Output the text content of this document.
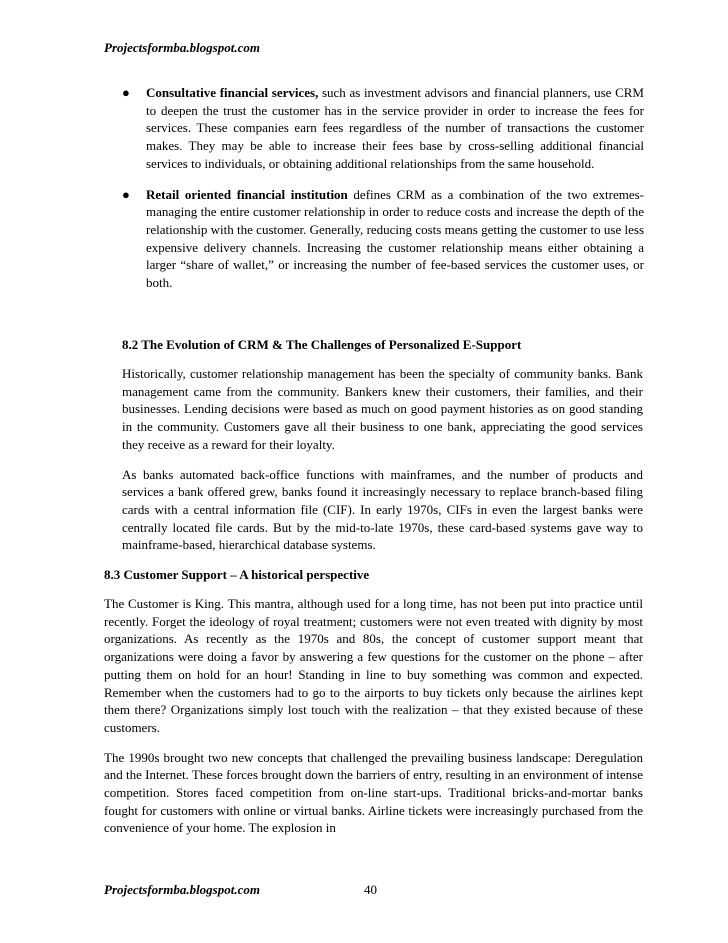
Projectsformba.blogspot.com
● Consultative financial services, such as investment advisors and financial planners, use CRM to deepen the trust the customer has in the service provider in order to increase the fees for services. These companies earn fees regardless of the number of transactions the customer makes. They may be able to increase their fees base by cross-selling additional financial services to individuals, or obtaining additional relationships from the same household.
● Retail oriented financial institution defines CRM as a combination of the two extremes- managing the entire customer relationship in order to reduce costs and increase the depth of the relationship with the customer. Generally, reducing costs means getting the customer to use less expensive delivery channels. Increasing the customer relationship means either obtaining a larger “share of wallet,” or increasing the number of fee-based services the customer uses, or both.
8.2 The Evolution of CRM & The Challenges of Personalized E-Support

Historically, customer relationship management has been the specialty of community banks. Bank management came from the community. Bankers knew their customers, their families, and their businesses. Lending decisions were based as much on good payment histories as on good standing in the community. Customers gave all their business to one bank, appreciating the good services they receive as a reward for their loyalty.

As banks automated back-office functions with mainframes, and the number of products and services a bank offered grew, banks found it increasingly necessary to replace branch-based filing cards with a central information file (CIF). In early 1970s, CIFs in even the largest banks were centrally located file cards. But by the mid-to-late 1970s, these card-based systems gave way to mainframe-based, hierarchical database systems.

8.3 Customer Support – A historical perspective

The Customer is King. This mantra, although used for a long time, has not been put into practice until recently. Forget the ideology of royal treatment; customers were not even treated with dignity by most organizations. As recently as the 1970s and 80s, the concept of customer support meant that organizations were doing a favor by answering a few questions for the customer on the phone – after putting them on hold for an hour! Standing in line to buy something was common and expected. Remember when the customers had to go to the airports to buy tickets only because the airlines kept them there? Organizations simply lost touch with the realization – that they existed because of these customers.

The 1990s brought two new concepts that challenged the prevailing business landscape: Deregulation and the Internet. These forces brought down the barriers of entry, resulting in an environment of intense competition. Stores faced competition from on-line start-ups. Traditional bricks-and-mortar banks fought for customers with online or virtual banks. Airline tickets were increasingly purchased from the convenience of your home. The explosion in

Projectsformba.blogspot.com	40
